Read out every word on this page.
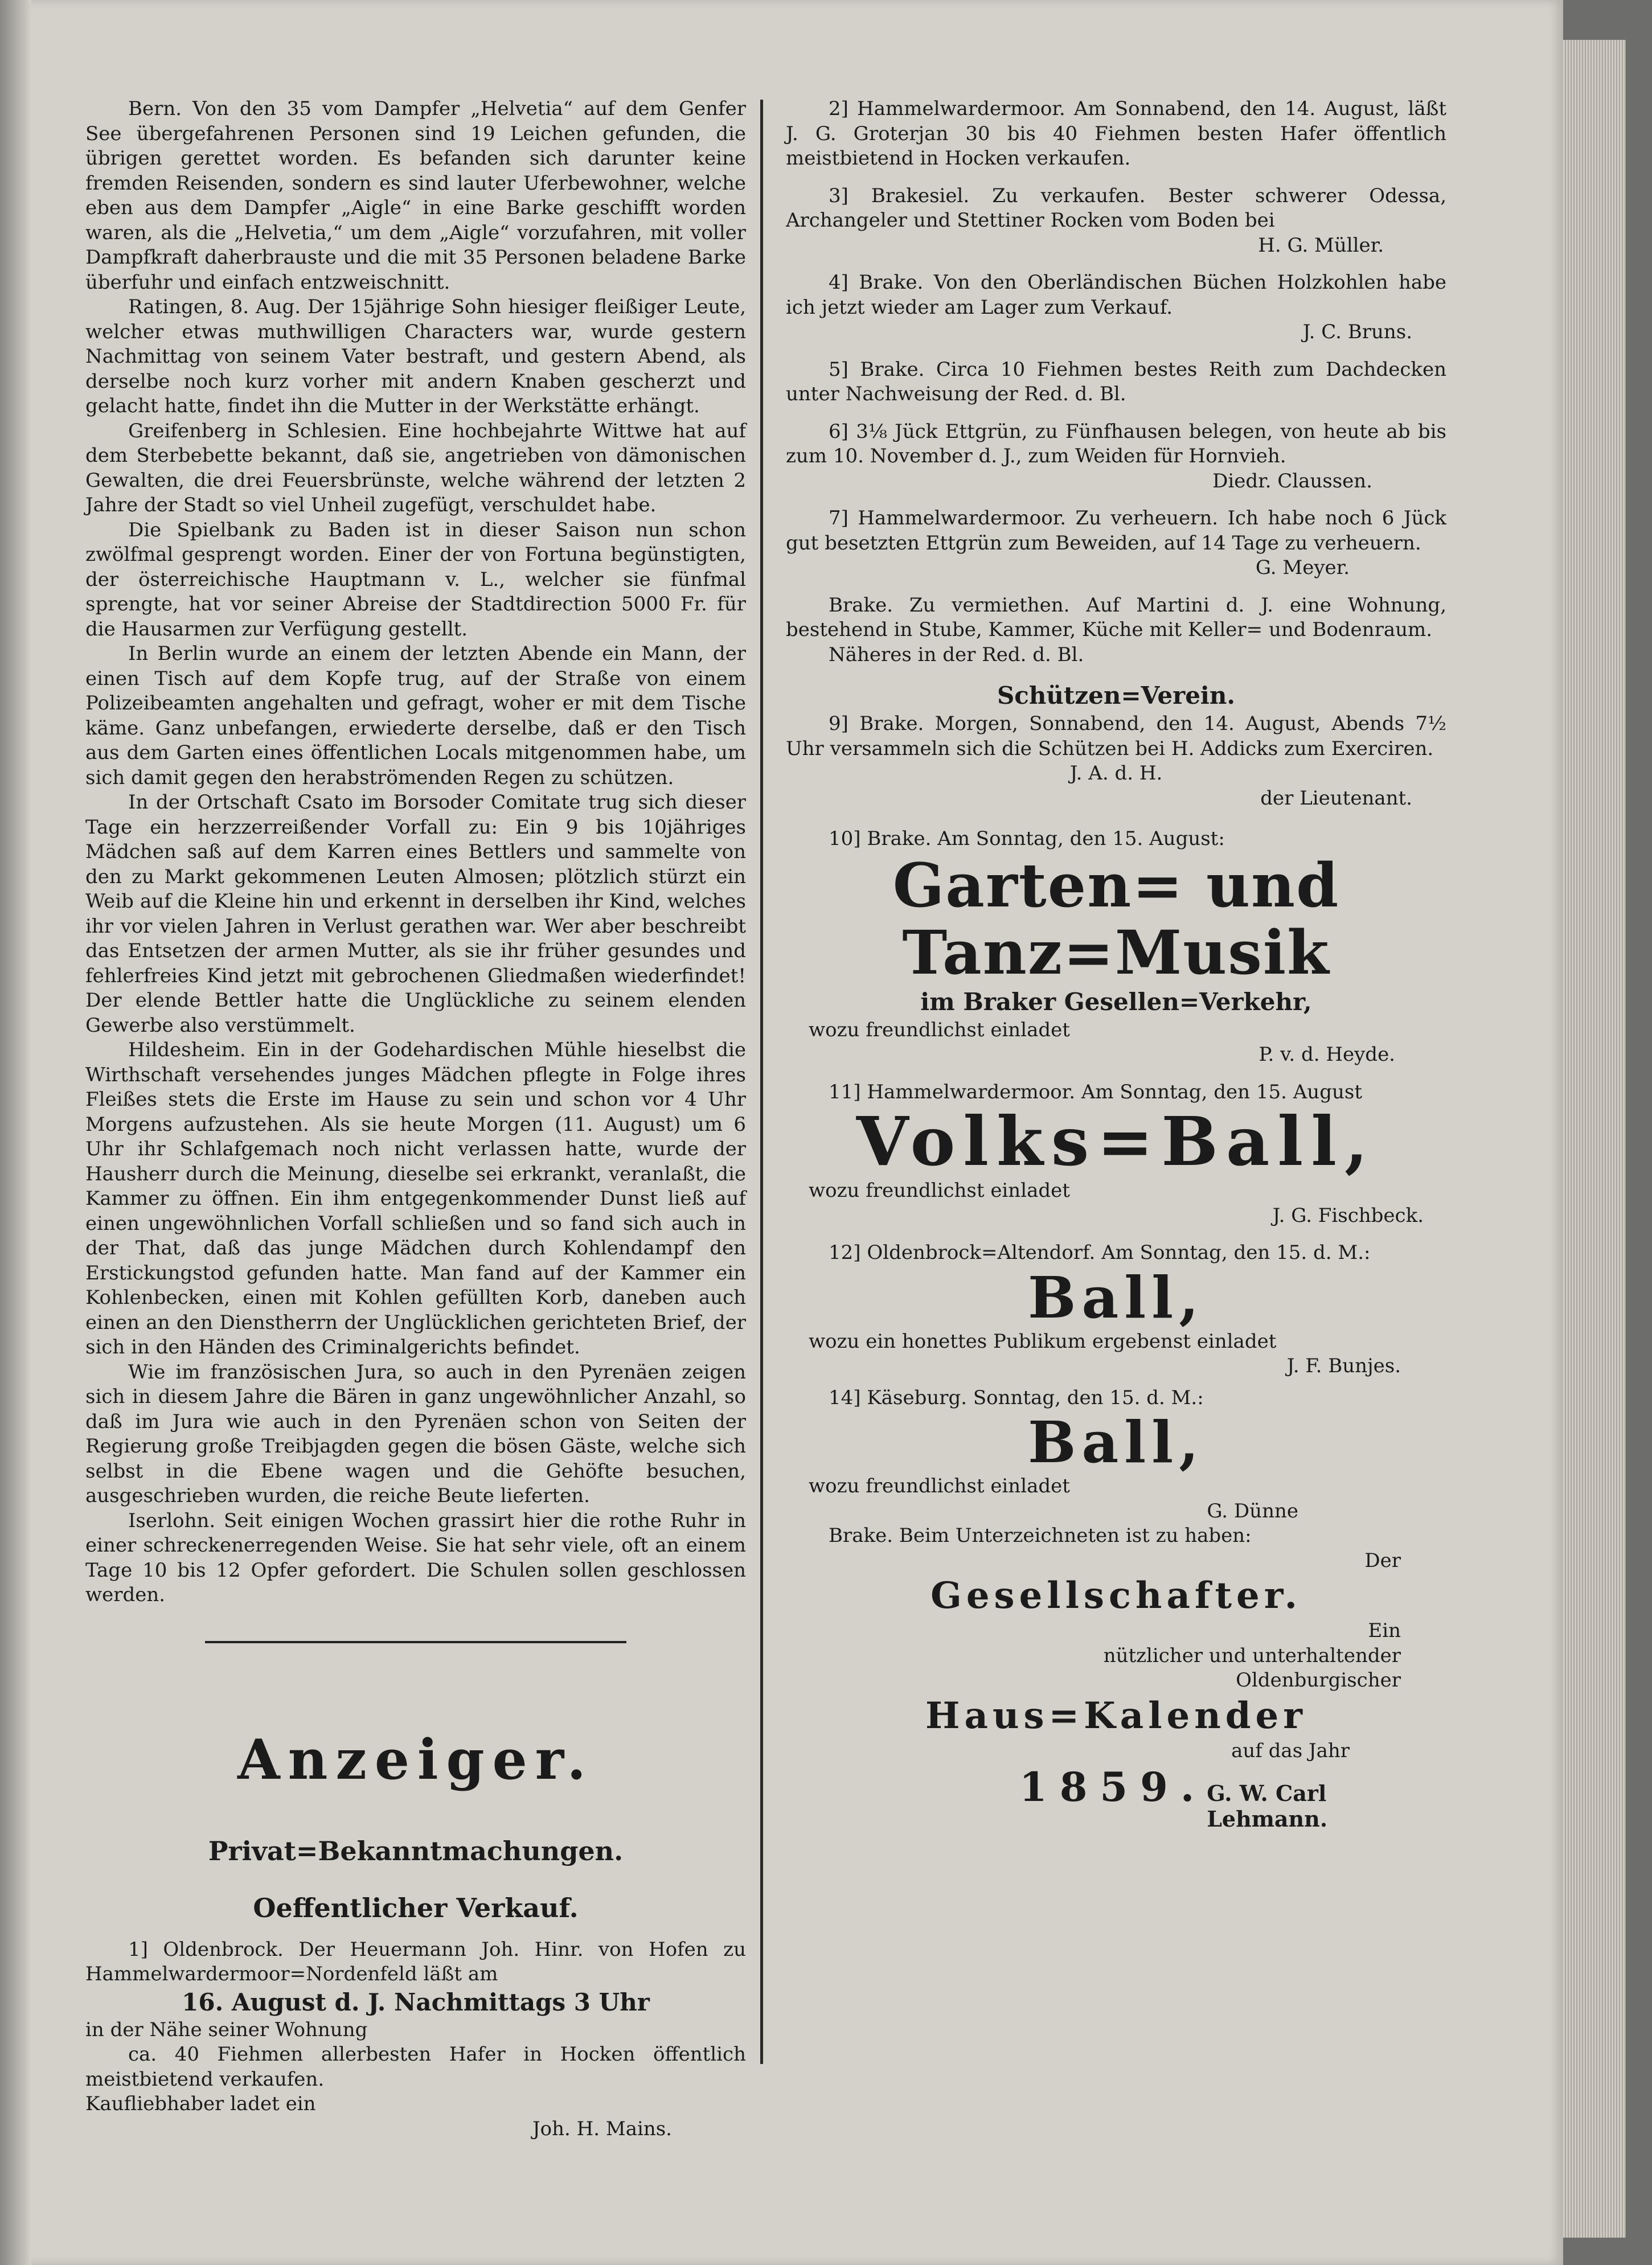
Bern. Von den 35 vom Dampfer „Helvetia“ auf dem Genfer See übergefahrenen Personen sind 19 Leichen gefunden, die übrigen gerettet worden. Es befanden sich darunter keine fremden Reisenden, sondern es sind lauter Uferbewohner, welche eben aus dem Dampfer „Aigle“ in eine Barke geschifft worden waren, als die „Helvetia,“ um dem „Aigle“ vorzufahren, mit voller Dampfkraft daherbrauste und die mit 35 Personen beladene Barke überfuhr und einfach entzweischnitt.

Ratingen, 8. Aug. Der 15jährige Sohn hiesiger fleißiger Leute, welcher etwas muthwilligen Characters war, wurde gestern Nachmittag von seinem Vater bestraft, und gestern Abend, als derselbe noch kurz vorher mit andern Knaben gescherzt und gelacht hatte, findet ihn die Mutter in der Werkstätte erhängt.

Greifenberg in Schlesien. Eine hochbejahrte Wittwe hat auf dem Sterbebette bekannt, daß sie, angetrieben von dämonischen Gewalten, die drei Feuersbrünste, welche während der letzten 2 Jahre der Stadt so viel Unheil zugefügt, verschuldet habe.

Die Spielbank zu Baden ist in dieser Saison nun schon zwölfmal gesprengt worden. Einer der von Fortuna begünstigten, der österreichische Hauptmann v. L., welcher sie fünfmal sprengte, hat vor seiner Abreise der Stadtdirection 5000 Fr. für die Hausarmen zur Verfügung gestellt.

In Berlin wurde an einem der letzten Abende ein Mann, der einen Tisch auf dem Kopfe trug, auf der Straße von einem Polizeibeamten angehalten und gefragt, woher er mit dem Tische käme. Ganz unbefangen, erwiederte derselbe, daß er den Tisch aus dem Garten eines öffentlichen Locals mitgenommen habe, um sich damit gegen den herabströmenden Regen zu schützen.

In der Ortschaft Csato im Borsoder Comitate trug sich dieser Tage ein herzzerreißender Vorfall zu: Ein 9 bis 10jähriges Mädchen saß auf dem Karren eines Bettlers und sammelte von den zu Markt gekommenen Leuten Almosen; plötzlich stürzt ein Weib auf die Kleine hin und erkennt in derselben ihr Kind, welches ihr vor vielen Jahren in Verlust gerathen war. Wer aber beschreibt das Entsetzen der armen Mutter, als sie ihr früher gesundes und fehlerfreies Kind jetzt mit gebrochenen Gliedmaßen wiederfindet! Der elende Bettler hatte die Unglückliche zu seinem elenden Gewerbe also verstümmelt.

Hildesheim. Ein in der Godehardischen Mühle hieselbst die Wirthschaft versehendes junges Mädchen pflegte in Folge ihres Fleißes stets die Erste im Hause zu sein und schon vor 4 Uhr Morgens aufzustehen. Als sie heute Morgen (11. August) um 6 Uhr ihr Schlafgemach noch nicht verlassen hatte, wurde der Hausherr durch die Meinung, dieselbe sei erkrankt, veranlaßt, die Kammer zu öffnen. Ein ihm entgegenkommender Dunst ließ auf einen ungewöhnlichen Vorfall schließen und so fand sich auch in der That, daß das junge Mädchen durch Kohlendampf den Erstickungstod gefunden hatte. Man fand auf der Kammer ein Kohlenbecken, einen mit Kohlen gefüllten Korb, daneben auch einen an den Dienstherrn der Unglücklichen gerichteten Brief, der sich in den Händen des Criminalgerichts befindet.

Wie im französischen Jura, so auch in den Pyrenäen zeigen sich in diesem Jahre die Bären in ganz ungewöhnlicher Anzahl, so daß im Jura wie auch in den Pyrenäen schon von Seiten der Regierung große Treibjagden gegen die bösen Gäste, welche sich selbst in die Ebene wagen und die Gehöfte besuchen, ausgeschrieben wurden, die reiche Beute lieferten.

Iserlohn. Seit einigen Wochen grassirt hier die rothe Ruhr in einer schreckenerregenden Weise. Sie hat sehr viele, oft an einem Tage 10 bis 12 Opfer gefordert. Die Schulen sollen geschlossen werden.

Anzeiger.
Privat=Bekanntmachungen.
Oeffentlicher Verkauf.

1] Oldenbrock. Der Heuermann Joh. Hinr. von Hofen zu Hammelwardermoor=Nordenfeld läßt am

16. August d. J. Nachmittags 3 Uhr

in der Nähe seiner Wohnung

ca. 40 Fiehmen allerbesten Hafer in Hocken öffentlich meistbietend verkaufen.

Kaufliebhaber ladet ein

Joh. H. Mains.

2] Hammelwardermoor. Am Sonnabend, den 14. August, läßt J. G. Groterjan 30 bis 40 Fiehmen besten Hafer öffentlich meistbietend in Hocken verkaufen.

3] Brakesiel. Zu verkaufen. Bester schwerer Odessa, Archangeler und Stettiner Rocken vom Boden bei

H. G. Müller.

4] Brake. Von den Oberländischen Büchen Holzkohlen habe ich jetzt wieder am Lager zum Verkauf.

J. C. Bruns.

5] Brake. Circa 10 Fiehmen bestes Reith zum Dachdecken unter Nachweisung der Red. d. Bl.

6] 3⅛ Jück Ettgrün, zu Fünfhausen belegen, von heute ab bis zum 10. November d. J., zum Weiden für Hornvieh.

Diedr. Claussen.

7] Hammelwardermoor. Zu verheuern. Ich habe noch 6 Jück gut besetzten Ettgrün zum Beweiden, auf 14 Tage zu verheuern.

G. Meyer.

Brake. Zu vermiethen. Auf Martini d. J. eine Wohnung, bestehend in Stube, Kammer, Küche mit Keller= und Bodenraum.

Näheres in der Red. d. Bl.

Schützen=Verein.

9] Brake. Morgen, Sonnabend, den 14. August, Abends 7½ Uhr versammeln sich die Schützen bei H. Addicks zum Exerciren.

J. A. d. H.

der Lieutenant.

10] Brake. Am Sonntag, den 15. August:

Garten= und Tanz=Musik
im Braker Gesellen=Verkehr,

wozu freundlichst einladet

P. v. d. Heyde.

11] Hammelwardermoor. Am Sonntag, den 15. August

Volks=Ball,

wozu freundlichst einladet

J. G. Fischbeck.

12] Oldenbrock=Altendorf. Am Sonntag, den 15. d. M.:

Ball,

wozu ein honettes Publikum ergebenst einladet

J. F. Bunjes.

14] Käseburg. Sonntag, den 15. d. M.:

Ball,

wozu freundlichst einladet

G. Dünne

Brake. Beim Unterzeichneten ist zu haben:

Der

Gesellschafter.

Ein

nützlicher und unterhaltender

Oldenburgischer

Haus=Kalender

auf das Jahr

1859. G. W. Carl Lehmann.
